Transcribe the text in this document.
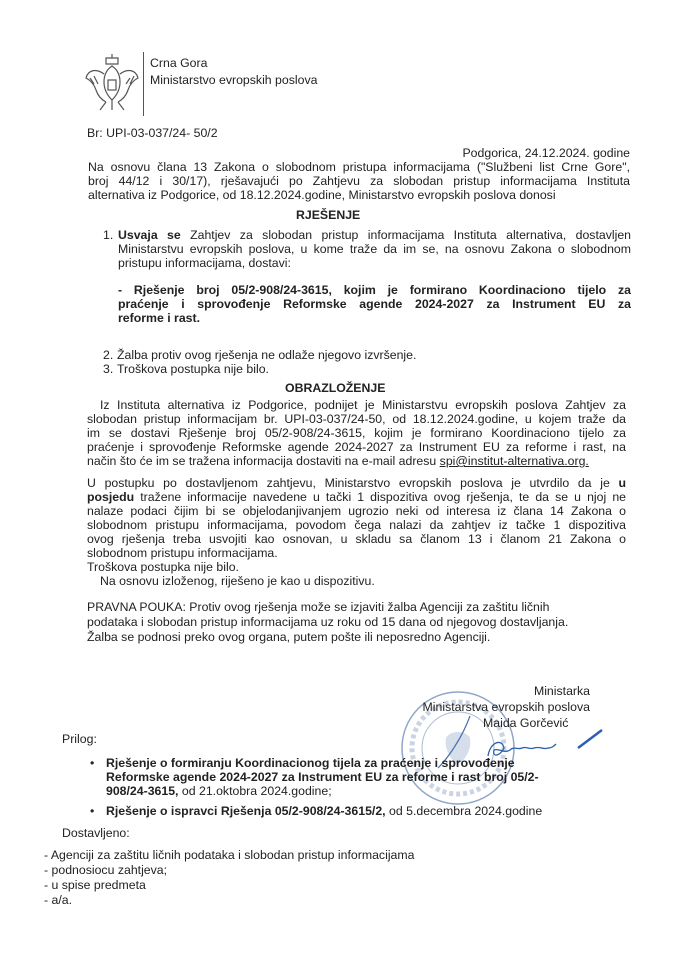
Crna Gora
Ministarstvo evropskih poslova
Br: UPI-03-037/24- 50/2
Podgorica, 24.12.2024. godine
Na osnovu člana 13 Zakona o slobodnom pristupa informacijama ("Službeni list Crne Gore",
broj 44/12 i 30/17), rješavajući po Zahtjevu za slobodan pristup informacijama Instituta
alternativa iz Podgorice, od 18.12.2024.godine, Ministarstvo evropskih poslova donosi
RJEŠENJE
1. Usvaja se Zahtjev za slobodan pristup informacijama Instituta alternativa, dostavljen
Ministarstvu evropskih poslova, u kome traže da im se, na osnovu Zakona o slobodnom
pristupu informacijama, dostavi:
- Rješenje broj 05/2-908/24-3615, kojim je formirano Koordinaciono tijelo za
praćenje i sprovođenje Reformske agende 2024-2027 za Instrument EU za
reforme i rast.
2. Žalba protiv ovog rješenja ne odlaže njegovo izvršenje.
3. Troškova postupka nije bilo.
OBRAZLOŽENJE
Iz Instituta alternativa iz Podgorice, podnijet je Ministarstvu evropskih poslova Zahtjev za
slobodan pristup informacijam br. UPI-03-037/24-50, od 18.12.2024.godine, u kojem traže da
im se dostavi Rješenje broj 05/2-908/24-3615, kojim je formirano Koordinaciono tijelo za
praćenje i sprovođenje Reformske agende 2024-2027 za Instrument EU za reforme i rast, na
način što će im se tražena informacija dostaviti na e-mail adresu spi@institut-alternativa.org.
U postupku po dostavljenom zahtjevu, Ministarstvo evropskih poslova je utvrdilo da je u
posjedu tražene informacije navedene u tački 1 dispozitiva ovog rješenja, te da se u njoj ne
nalaze podaci čijim bi se objelodanjivanjem ugrozio neki od interesa iz člana 14 Zakona o
slobodnom pristupu informacijama, povodom čega nalazi da zahtjev iz tačke 1 dispozitiva
ovog rješenja treba usvojiti kao osnovan, u skladu sa članom 13 i članom 21 Zakona o
slobodnom pristupu informacijama.
Troškova postupka nije bilo.
Na osnovu izloženog, riješeno je kao u dispozitivu.
PRAVNA POUKA: Protiv ovog rješenja može se izjaviti žalba Agenciji za zaštitu ličnih
podataka i slobodan pristup informacijama uz roku od 15 dana od njegovog dostavljanja.
Žalba se podnosi preko ovog organa, putem pošte ili neposredno Agenciji.
Ministarka
Ministarstva evropskih poslova
Maida Gorčević
Prilog:
• Rješenje o formiranju Koordinacionog tijela za praćenje i sprovođenje
Reformske agende 2024-2027 za Instrument EU za reforme i rast broj 05/2-
908/24-3615, od 21.oktobra 2024.godine;
• Rješenje o ispravci Rješenja 05/2-908/24-3615/2, od 5.decembra 2024.godine
Dostavljeno:
- Agenciji za zaštitu ličnih podataka i slobodan pristup informacijama
- podnosiocu zahtjeva;
- u spise predmeta
- a/a.
